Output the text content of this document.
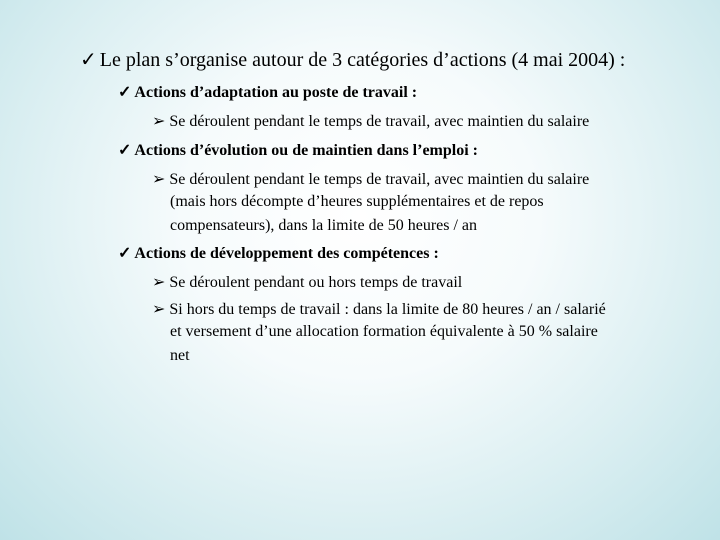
✓ Le plan s’organise autour de 3 catégories d’actions (4 mai 2004) :
✓ Actions d’adaptation au poste de travail :
➢ Se déroulent pendant le temps de travail, avec maintien du salaire
✓ Actions d’évolution ou de maintien dans l’emploi :
➢ Se déroulent pendant le temps de travail, avec maintien du salaire
(mais hors décompte d’heures supplémentaires et de repos
compensateurs), dans la limite de 50 heures / an
✓ Actions de développement des compétences :
➢ Se déroulent pendant ou hors temps de travail
➢ Si hors du temps de travail : dans la limite de 80 heures / an / salarié
et versement d’une allocation formation équivalente à 50 % salaire
net
